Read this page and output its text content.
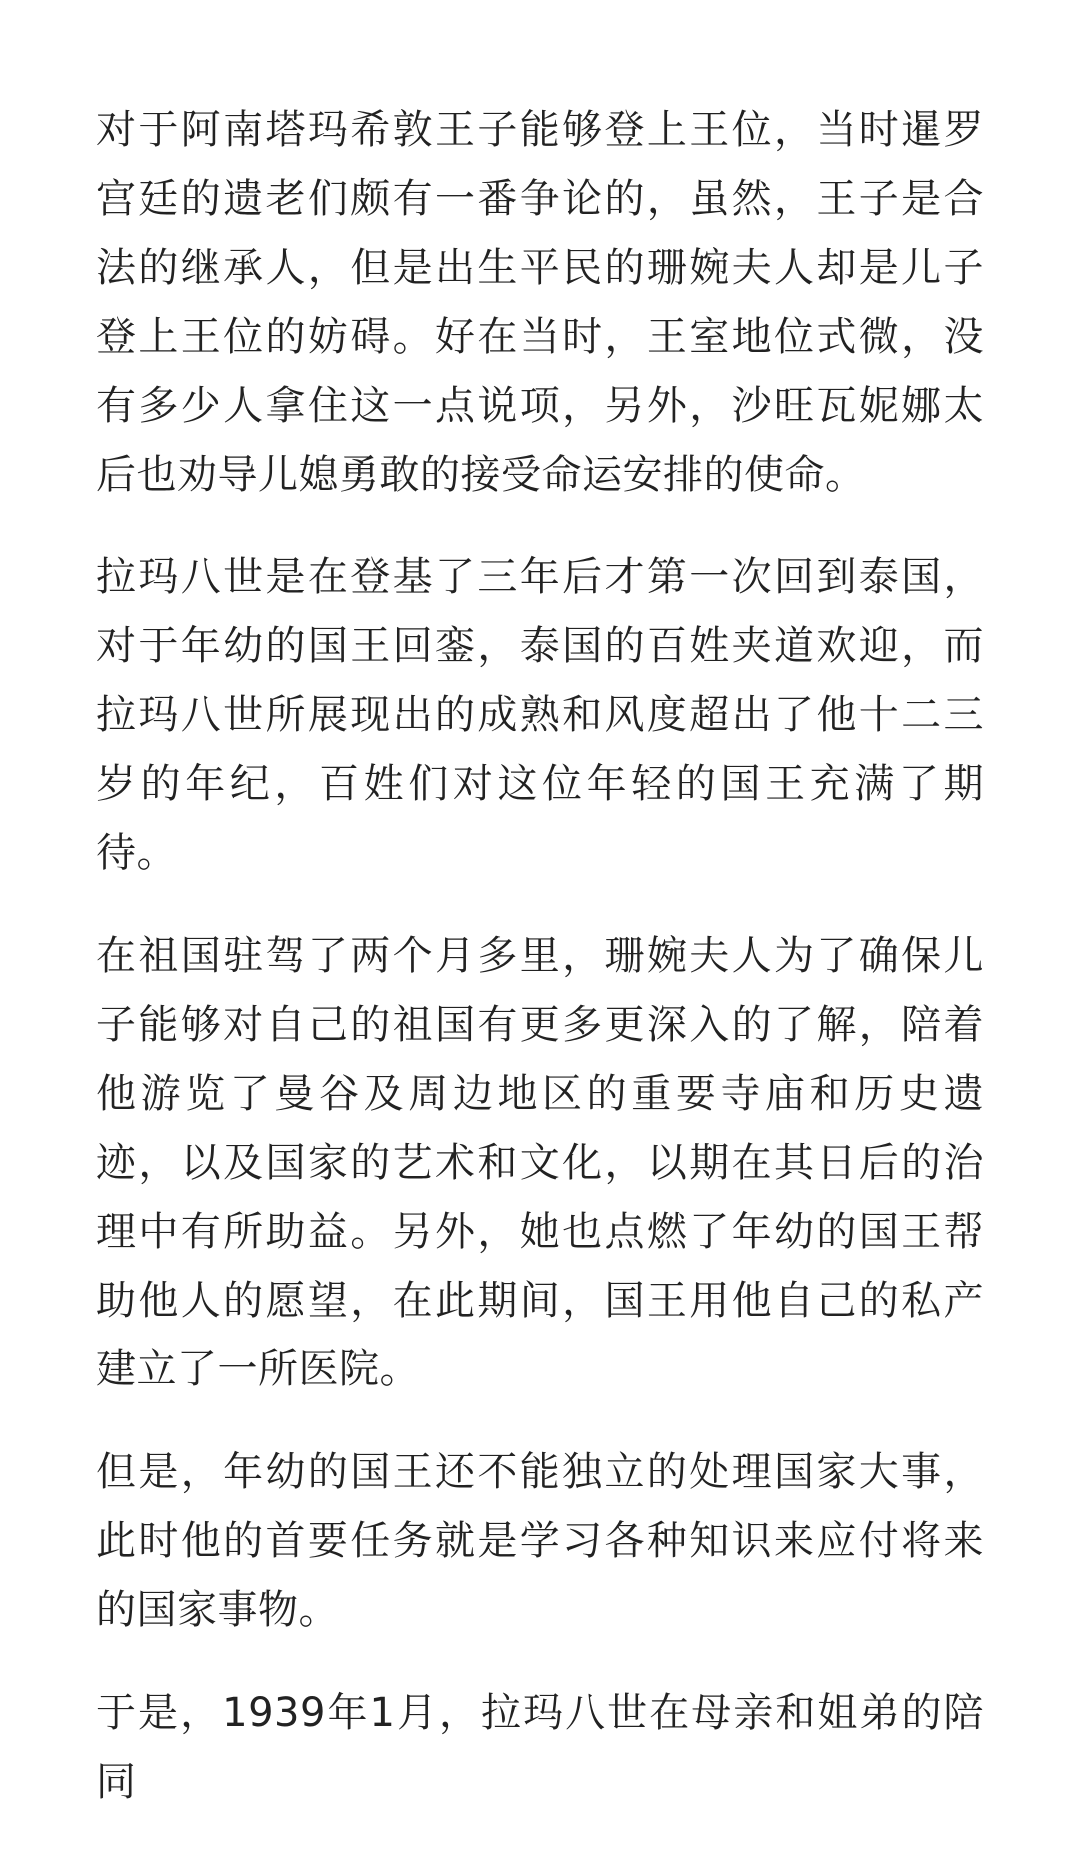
对于阿南塔玛希敦王子能够登上王位，当时暹罗宫廷的遗老们颇有一番争论的，虽然，王子是合法的继承人，但是出生平民的珊婉夫人却是儿子登上王位的妨碍。好在当时，王室地位式微，没有多少人拿住这一点说项，另外，沙旺瓦妮娜太后也劝导儿媳勇敢的接受命运安排的使命。

拉玛八世是在登基了三年后才第一次回到泰国，对于年幼的国王回銮，泰国的百姓夹道欢迎，而拉玛八世所展现出的成熟和风度超出了他十二三岁的年纪，百姓们对这位年轻的国王充满了期待。

在祖国驻驾了两个月多里，珊婉夫人为了确保儿子能够对自己的祖国有更多更深入的了解，陪着他游览了曼谷及周边地区的重要寺庙和历史遗迹，以及国家的艺术和文化，以期在其日后的治理中有所助益。另外，她也点燃了年幼的国王帮助他人的愿望，在此期间，国王用他自己的私产建立了一所医院。

但是，年幼的国王还不能独立的处理国家大事，此时他的首要任务就是学习各种知识来应付将来的国家事物。

于是，1939年1月，拉玛八世在母亲和姐弟的陪同
